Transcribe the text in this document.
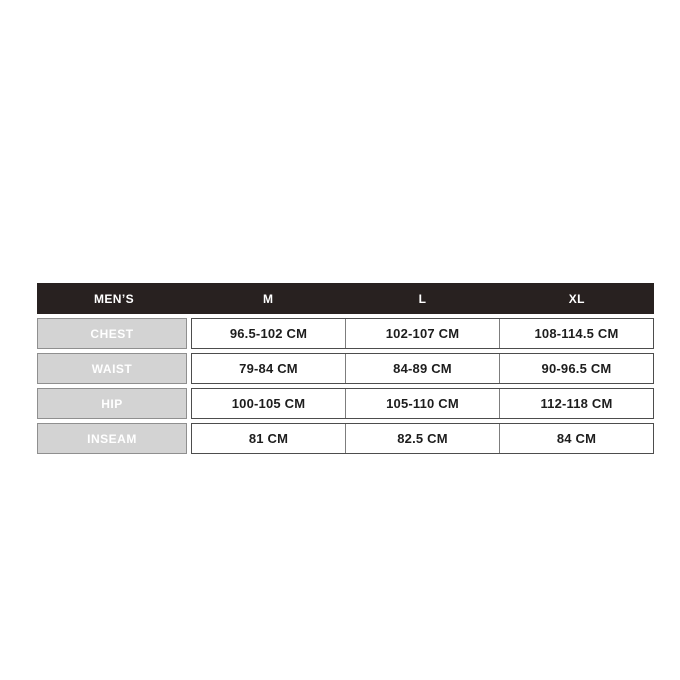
MEN’S	M	L	XL
CHEST	96.5-102 CM	102-107 CM	108-114.5 CM
WAIST	79-84 CM	84-89 CM	90-96.5 CM
HIP	100-105 CM	105-110 CM	112-118 CM
INSEAM	81 CM	82.5 CM	84 CM
